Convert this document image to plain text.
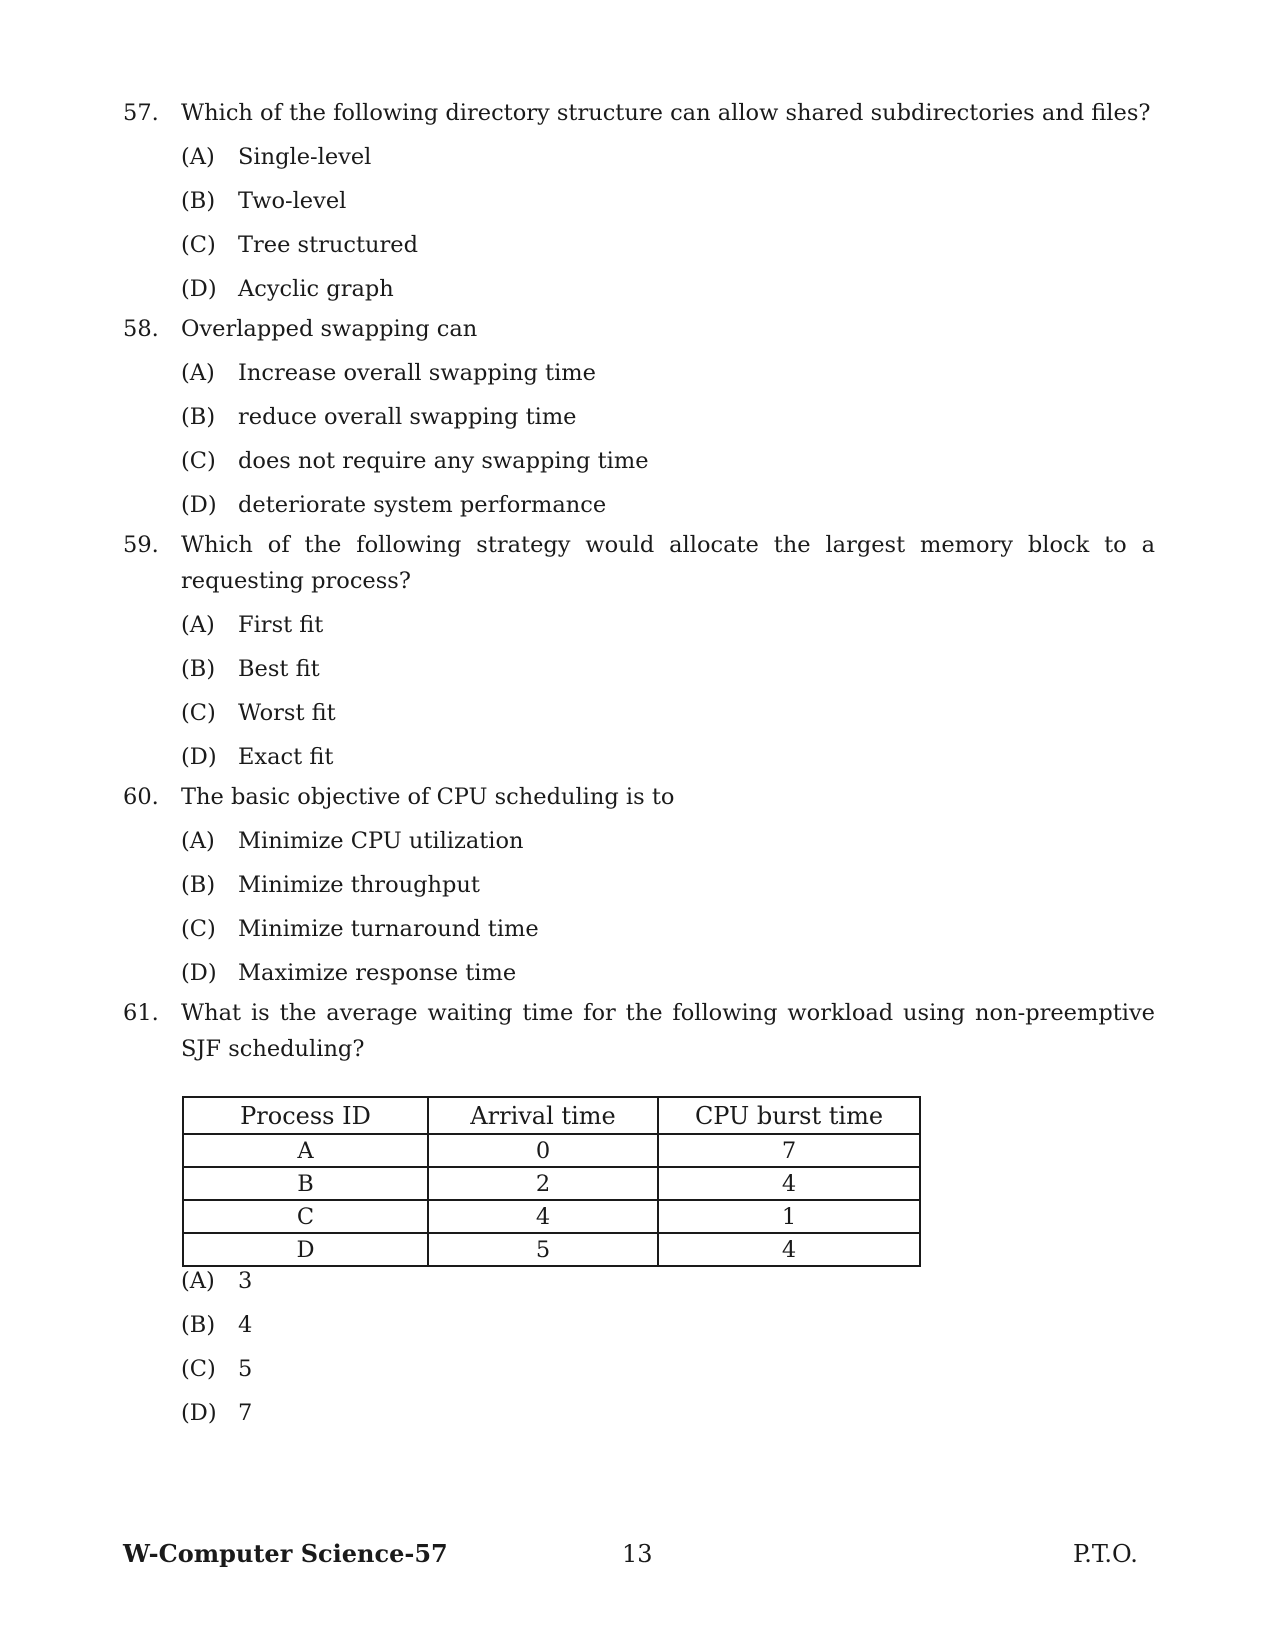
57. Which of the following directory structure can allow shared subdirectories and files?
(A)	Single-level
(B)	Two-level
(C) Tree structured
(D) Acyclic graph
58. Overlapped swapping can
(A)	Increase overall swapping time
(B)	reduce overall swapping time
(C) does not require any swapping time
(D) deteriorate system performance
59. Which of the following strategy would allocate the largest memory block to a requesting process?
(A)	First fit
(B)	Best fit
(C) Worst fit
(D) Exact fit
60. The basic objective of CPU scheduling is to
(A)	Minimize CPU utilization
(B)	Minimize throughput
(C) Minimize turnaround time
(D) Maximize response time
61. What is the average waiting time for the following workload using non-preemptive SJF scheduling?
Process ID	Arrival time	CPU burst time
A	0	7
B	2	4
C	4	1
D	5	4
(A)	3
(B)	4
(C) 5
(D) 7
W-Computer Science-57	13	P.T.O.
